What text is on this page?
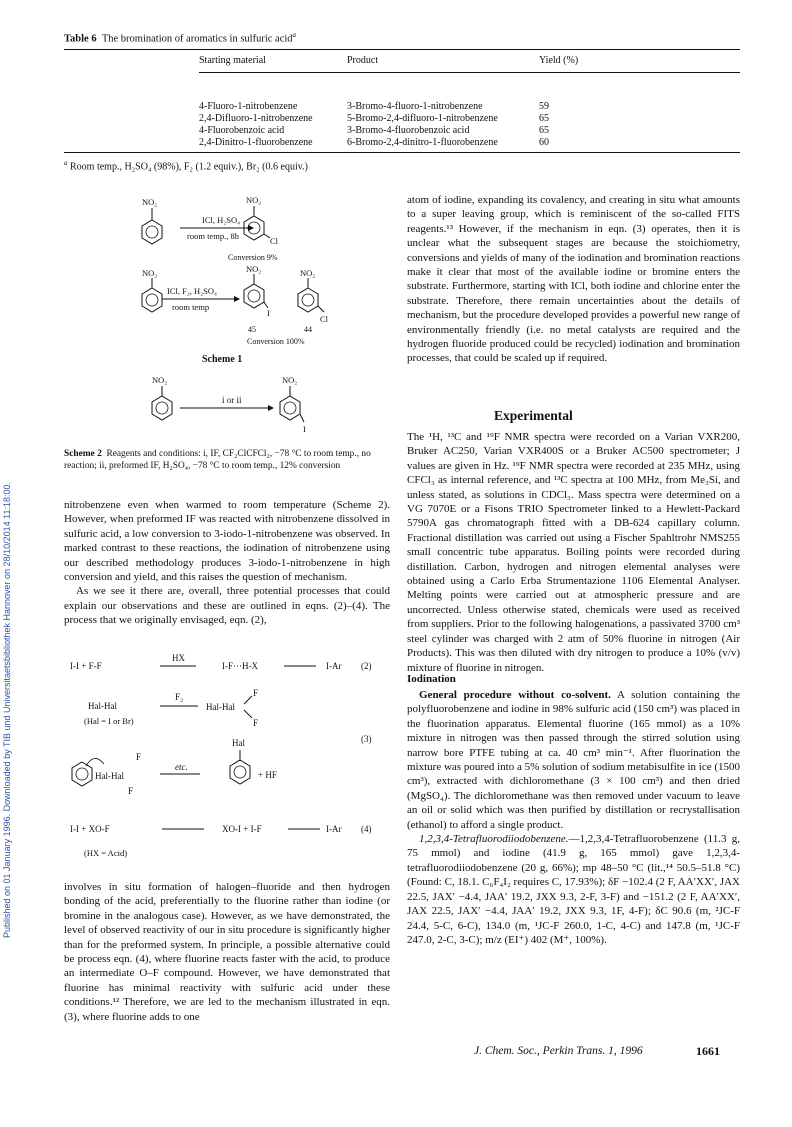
Published on 01 January 1996. Downloaded by TIB und Universitaetsbibliothek Hannover on 28/10/2014 11:18:00.
Table 6 The bromination of aromatics in sulfuric acid$^a$
Starting material	Product	Yield (%)
4-Fluoro-1-nitrobenzene	3-Bromo-4-fluoro-1-nitrobenzene	59
2,4-Difluoro-1-nitrobenzene	5-Bromo-2,4-difluoro-1-nitrobenzene	65
4-Fluorobenzoic acid	3-Bromo-4-fluorobenzoic acid	65
2,4-Dinitro-1-fluorobenzene	6-Bromo-2,4-dinitro-1-fluorobenzene	60
$^a$ Room temp., H₂SO₄ (98%), F₂ (1.2 equiv.), Br₂ (0.6 equiv.)
NO₂
ICl, H₂SO₄
room temp., 8h
NO₂
Cl
Conversion 9%
NO₂
ICl, F₂, H₂SO₄
room temp
NO₂
I
NO₂
Cl
45	44
Conversion 100%
Scheme 1
NO₂
i or ii
NO₂
I
Scheme 2 Reagents and conditions: i, IF, CF₂ClCFCl₂, −78 °C to room temp., no reaction; ii, preformed IF, H₂SO₄, −78 °C to room temp., 12% conversion

nitrobenzene even when warmed to room temperature (Scheme 2). However, when preformed IF was reacted with nitrobenzene dissolved in sulfuric acid, a low conversion to 3-iodo-1-nitrobenzene was observed. In marked contrast to these reactions, the iodination of nitrobenzene using our described methodology produces 3-iodo-1-nitrobenzene in high conversion and yield, and this raises the question of mechanism.

As we see it there are, overall, three potential processes that could explain our observations and these are outlined in eqns. (2)–(4). The process that we originally envisaged, eqn. (2),

I-I + F-F
HX
I-F···H-X	I-Ar (2)
Hal-Hal
F₂
Hal-Hal
F
F
(Hal = I or Br)
(3)
Hal-Hal
F
F
etc.
Hal
+ HF
I-I + XO-F	XO-I + I-F	I-Ar (4)
(HX = Acid)

involves in situ formation of halogen–fluoride and then hydrogen bonding of the acid, preferentially to the fluorine rather than iodine (or bromine in the analogous case). However, as we have demonstrated, the level of observed reactivity of our in situ procedure is significantly higher than for the preformed system. In principle, a possible alternative could be process eqn. (4), where fluorine reacts faster with the acid, to produce an intermediate O–F compound. However, we have demonstrated that fluorine has minimal reactivity with sulfuric acid under these conditions.¹² Therefore, we are led to the mechanism illustrated in eqn. (3), where fluorine adds to one

atom of iodine, expanding its covalency, and creating in situ what amounts to a super leaving group, which is reminiscent of the so-called FITS reagents.¹³ However, if the mechanism in eqn. (3) operates, then it is unclear what the subsequent stages are because the stoichiometry, conversions and yields of many of the iodination and bromination reactions make it clear that most of the available iodine or bromine enters the substrate. Furthermore, starting with ICl, both iodine and chlorine enter the substrate. Therefore, there remain uncertainties about the details of mechanism, but the procedure developed provides a powerful new range of environmentally friendly (i.e. no metal catalysts are required and the hydrogen fluoride produced could be recycled) iodination and bromination processes, that could be scaled up if required.

Experimental

The ¹H, ¹³C and ¹⁹F NMR spectra were recorded on a Varian VXR200, Bruker AC250, Varian VXR400S or a Bruker AC500 spectrometer; J values are given in Hz. ¹⁹F NMR spectra were recorded at 235 MHz, using CFCl₃ as internal reference, and ¹³C spectra at 100 MHz, from Me₃Si, and unless stated, as solutions in CDCl₃. Mass spectra were determined on a VG 7070E or a Fisons TRIO Spectrometer linked to a Hewlett-Packard 5790A gas chromatograph fitted with a DB-624 capillary column. Fractional distillation was carried out using a Fischer Spahltrohr NMS255 small concentric tube apparatus. Boiling points were recorded during distillation. Carbon, hydrogen and nitrogen elemental analyses were obtained using a Carlo Erba Strumentazione 1106 Elemental Analyser. Melting points were carried out at atmospheric pressure and are uncorrected. Unless otherwise stated, chemicals were used as received from suppliers. Prior to the following halogenations, a passivated 3700 cm³ steel cylinder was charged with 2 atm of 50% fluorine in nitrogen (Air Products). This was then diluted with dry nitrogen to produce a 10% (v/v) mixture of fluorine in nitrogen.

Iodination

General procedure without co-solvent. A solution containing the polyfluorobenzene and iodine in 98% sulfuric acid (150 cm³) was placed in the fluorination apparatus. Elemental fluorine (165 mmol) as a 10% mixture in nitrogen was then passed through the stirred solution using narrow bore PTFE tubing at ca. 40 cm³ min⁻¹. After fluorination the mixture was poured into a 5% solution of sodium metabisulfite in ice (1500 cm³), extracted with dichloromethane (3 × 100 cm³) and then dried (MgSO₄). The dichloromethane was then removed under vacuum to leave an oil or solid which was then purified by distillation or recrystallisation (ethanol) to afford a single product.

1,2,3,4-Tetrafluorodiiodobenzene.—1,2,3,4-Tetrafluorobenzene (11.3 g, 75 mmol) and iodine (41.9 g, 165 mmol) gave 1,2,3,4-tetrafluorodiiodobenzene (20 g, 66%); mp 48–50 °C (lit.,¹⁴ 50.5–51.8 °C) (Found: C, 18.1. C₆F₄I₂ requires C, 17.93%); δF −102.4 (2 F, AA′XX′, JAX 22.5, JAX′ −4.4, JAA′ 19.2, JXX 9.3, 2-F, 3-F) and −151.2 (2 F, AA′XX′, JAX 22.5, JAX′ −4.4, JAA′ 19.2, JXX 9.3, 1F, 4-F); δC 90.6 (m, ²JC-F 24.4, 5-C, 6-C), 134.0 (m, ¹JC-F 260.0, 1-C, 4-C) and 147.8 (m, ¹JC-F 247.0, 2-C, 3-C); m/z (EI⁺) 402 (M⁺, 100%).

J. Chem. Soc., Perkin Trans. 1, 1996	1661
